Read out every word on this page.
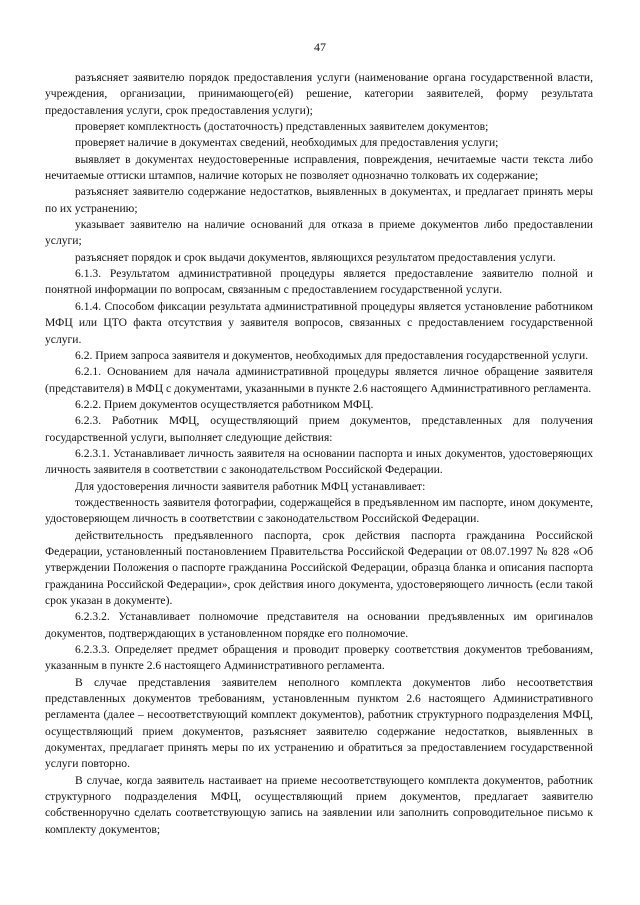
47

разъясняет заявителю порядок предоставления услуги (наименование органа государственной власти, учреждения, организации, принимающего(ей) решение, категории заявителей, форму результата предоставления услуги, срок предоставления услуги);

проверяет комплектность (достаточность) представленных заявителем документов;

проверяет наличие в документах сведений, необходимых для предоставления услуги;

выявляет в документах неудостоверенные исправления, повреждения, нечитаемые части текста либо нечитаемые оттиски штампов, наличие которых не позволяет однозначно толковать их содержание;

разъясняет заявителю содержание недостатков, выявленных в документах, и предлагает принять меры по их устранению;

указывает заявителю на наличие оснований для отказа в приеме документов либо предоставлении услуги;

разъясняет порядок и срок выдачи документов, являющихся результатом предоставления услуги.

6.1.3. Результатом административной процедуры является предоставление заявителю полной и понятной информации по вопросам, связанным с предоставлением государственной услуги.

6.1.4. Способом фиксации результата административной процедуры является установление работником МФЦ или ЦТО факта отсутствия у заявителя вопросов, связанных с предоставлением государственной услуги.

6.2. Прием запроса заявителя и документов, необходимых для предоставления государственной услуги.

6.2.1. Основанием для начала административной процедуры является личное обращение заявителя (представителя) в МФЦ с документами, указанными в пункте 2.6 настоящего Административного регламента.

6.2.2. Прием документов осуществляется работником МФЦ.

6.2.3. Работник МФЦ, осуществляющий прием документов, представленных для получения государственной услуги, выполняет следующие действия:

6.2.3.1. Устанавливает личность заявителя на основании паспорта и иных документов, удостоверяющих личность заявителя в соответствии с законодательством Российской Федерации.

Для удостоверения личности заявителя работник МФЦ устанавливает:

тождественность заявителя фотографии, содержащейся в предъявленном им паспорте, ином документе, удостоверяющем личность в соответствии с законодательством Российской Федерации.

действительность предъявленного паспорта, срок действия паспорта гражданина Российской Федерации, установленный постановлением Правительства Российской Федерации от 08.07.1997 № 828 «Об утверждении Положения о паспорте гражданина Российской Федерации, образца бланка и описания паспорта гражданина Российской Федерации», срок действия иного документа, удостоверяющего личность (если такой срок указан в документе).

6.2.3.2. Устанавливает полномочие представителя на основании предъявленных им оригиналов документов, подтверждающих в установленном порядке его полномочие.

6.2.3.3. Определяет предмет обращения и проводит проверку соответствия документов требованиям, указанным в пункте 2.6 настоящего Административного регламента.

В случае представления заявителем неполного комплекта документов либо несоответствия представленных документов требованиям, установленным пунктом 2.6 настоящего Административного регламента (далее – несоответствующий комплект документов), работник структурного подразделения МФЦ, осуществляющий прием документов, разъясняет заявителю содержание недостатков, выявленных в документах, предлагает принять меры по их устранению и обратиться за предоставлением государственной услуги повторно.

В случае, когда заявитель настаивает на приеме несоответствующего комплекта документов, работник структурного подразделения МФЦ, осуществляющий прием документов, предлагает заявителю собственноручно сделать соответствующую запись на заявлении или заполнить сопроводительное письмо к комплекту документов;
